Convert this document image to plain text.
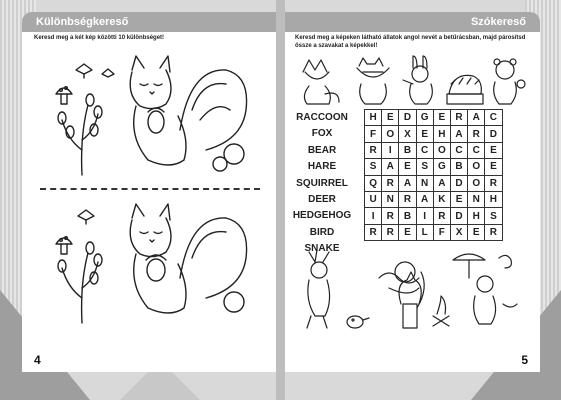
Különbségkereső
Keresd meg a két kép közötti 10 különbséget!
4
Szókereső
Keresd meg a képeken látható állatok angol nevét a betűrácsban, majd párosítsd össze a szavakat a képekkel!
RACCOON
FOX
BEAR
HARE
SQUIRREL
DEER
HEDGEHOG
BIRD
SNAKE
H	E	D	G	E	R	A	C
F	O	X	E	H	A	R	D
R	I	B	C	O	C	C	E
S	A	E	S	G	B	O	E
Q	R	A	N	A	D	O	R
U	N	R	A	K	E	N	H
I	R	B	I	R	D	H	S
R	R	E	L	F	X	E	R
5
